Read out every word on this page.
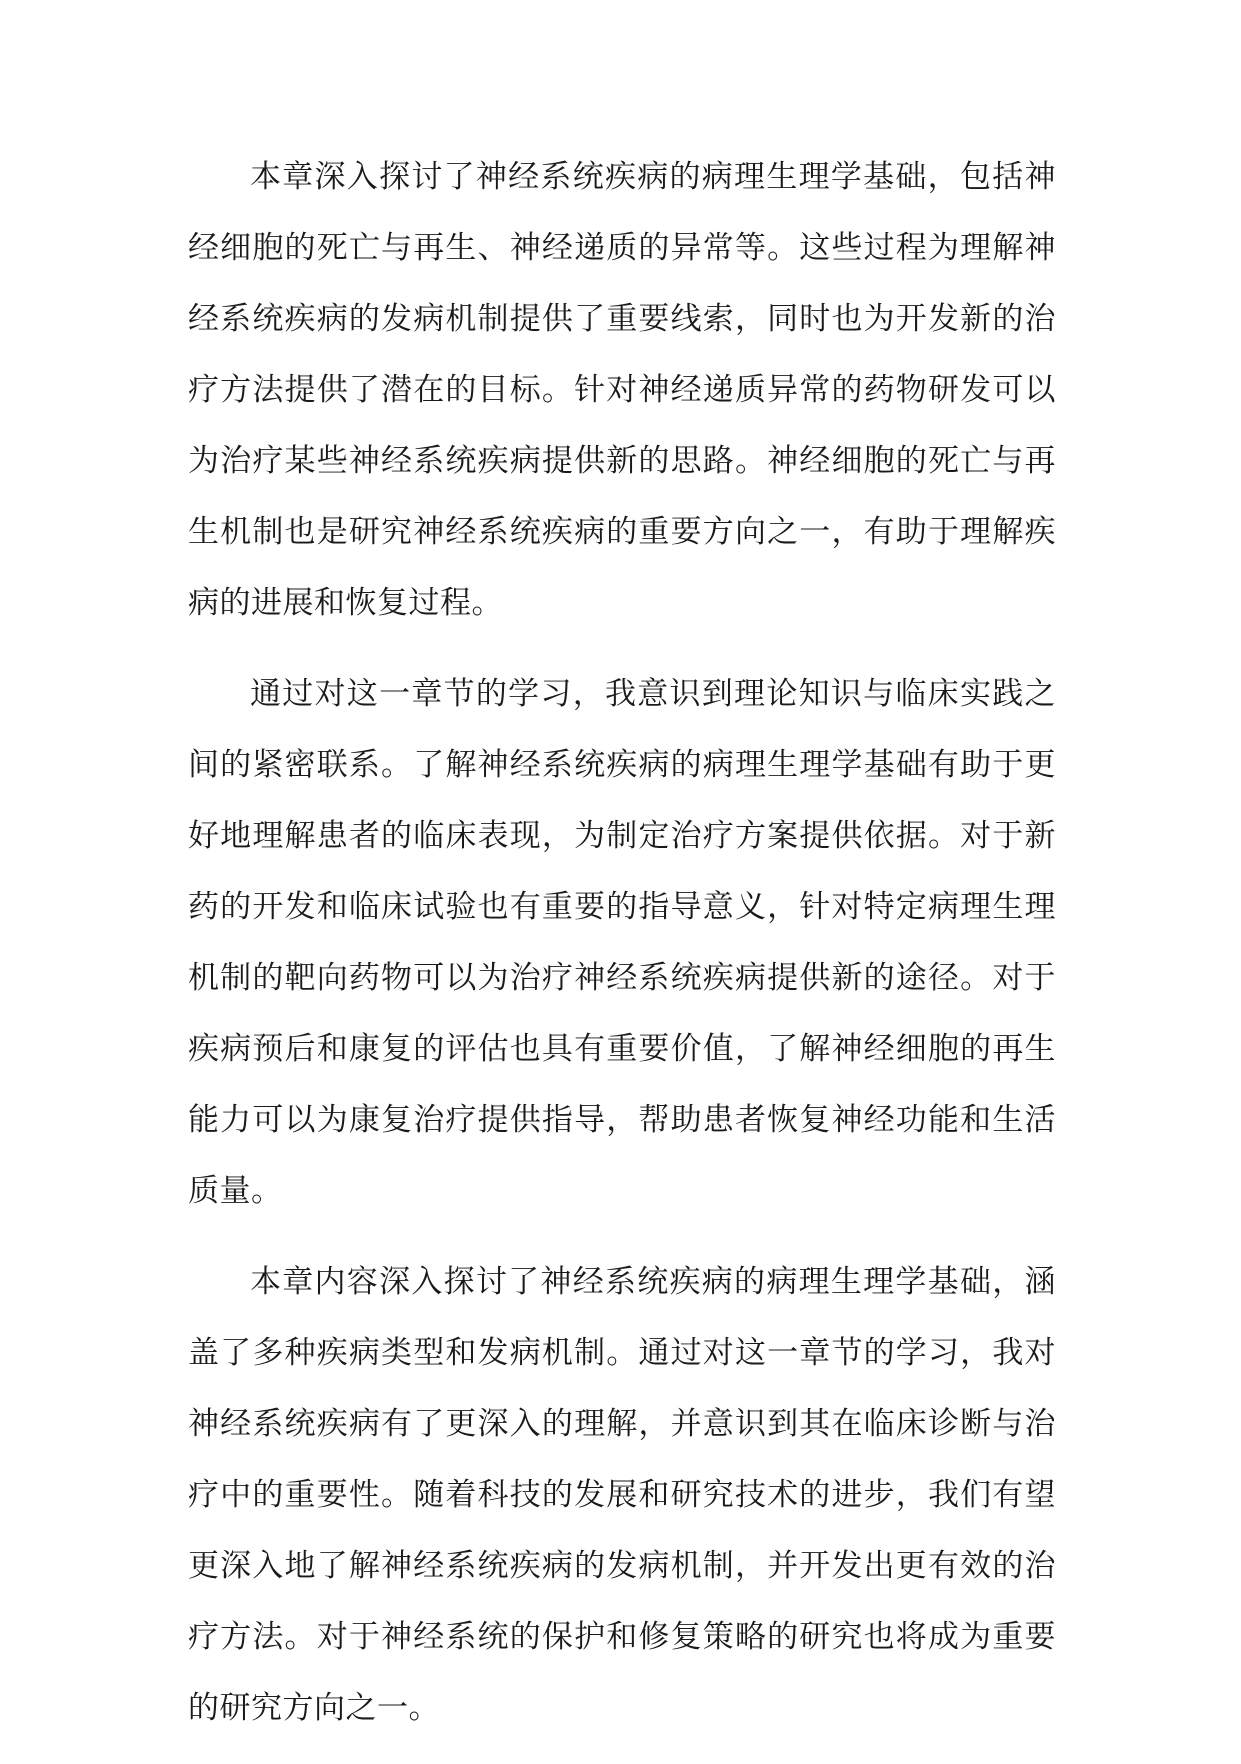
本章深入探讨了神经系统疾病的病理生理学基础，包括神经细胞的死亡与再生、神经递质的异常等。这些过程为理解神经系统疾病的发病机制提供了重要线索，同时也为开发新的治疗方法提供了潜在的目标。针对神经递质异常的药物研发可以为治疗某些神经系统疾病提供新的思路。神经细胞的死亡与再生机制也是研究神经系统疾病的重要方向之一，有助于理解疾病的进展和恢复过程。

通过对这一章节的学习，我意识到理论知识与临床实践之间的紧密联系。了解神经系统疾病的病理生理学基础有助于更好地理解患者的临床表现，为制定治疗方案提供依据。对于新药的开发和临床试验也有重要的指导意义，针对特定病理生理机制的靶向药物可以为治疗神经系统疾病提供新的途径。对于疾病预后和康复的评估也具有重要价值，了解神经细胞的再生能力可以为康复治疗提供指导，帮助患者恢复神经功能和生活质量。

本章内容深入探讨了神经系统疾病的病理生理学基础，涵盖了多种疾病类型和发病机制。通过对这一章节的学习，我对神经系统疾病有了更深入的理解，并意识到其在临床诊断与治疗中的重要性。随着科技的发展和研究技术的进步，我们有望更深入地了解神经系统疾病的发病机制，并开发出更有效的治疗方法。对于神经系统的保护和修复策略的研究也将成为重要的研究方向之一。
